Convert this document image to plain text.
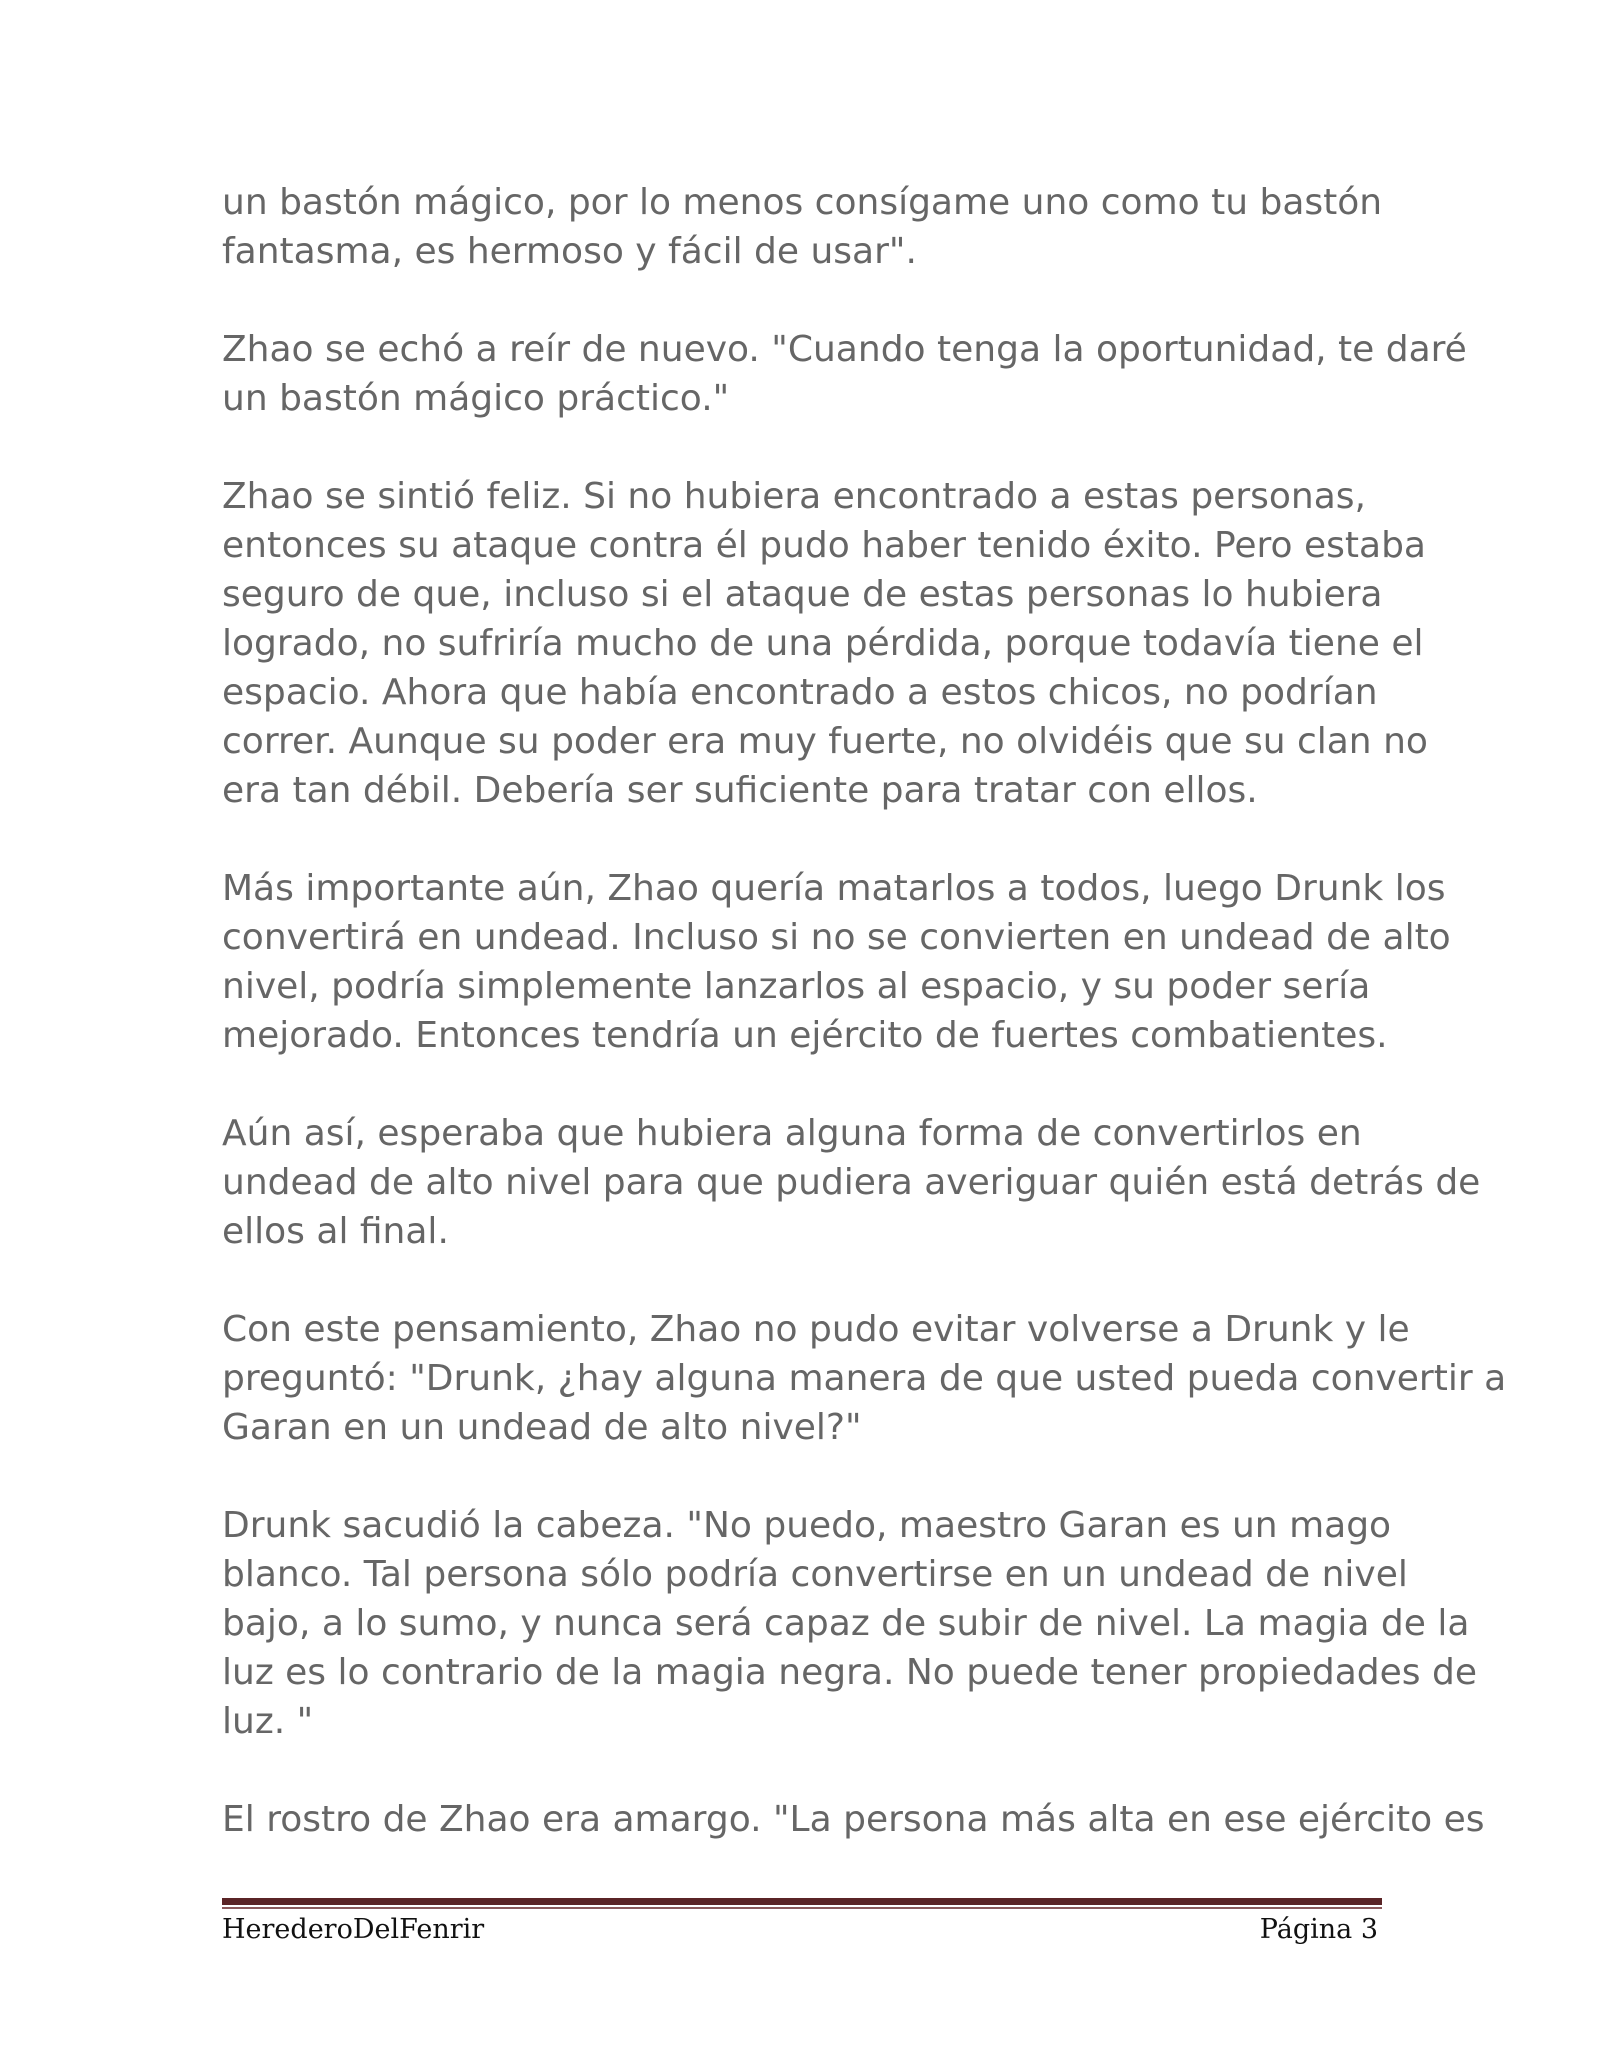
un bastón mágico, por lo menos consígame uno como tu bastón
fantasma, es hermoso y fácil de usar".

Zhao se echó a reír de nuevo. "Cuando tenga la oportunidad, te daré
un bastón mágico práctico."

Zhao se sintió feliz. Si no hubiera encontrado a estas personas,
entonces su ataque contra él pudo haber tenido éxito. Pero estaba
seguro de que, incluso si el ataque de estas personas lo hubiera
logrado, no sufriría mucho de una pérdida, porque todavía tiene el
espacio. Ahora que había encontrado a estos chicos, no podrían
correr. Aunque su poder era muy fuerte, no olvidéis que su clan no
era tan débil. Debería ser suficiente para tratar con ellos.

Más importante aún, Zhao quería matarlos a todos, luego Drunk los
convertirá en undead. Incluso si no se convierten en undead de alto
nivel, podría simplemente lanzarlos al espacio, y su poder sería
mejorado. Entonces tendría un ejército de fuertes combatientes.

Aún así, esperaba que hubiera alguna forma de convertirlos en
undead de alto nivel para que pudiera averiguar quién está detrás de
ellos al final.

Con este pensamiento, Zhao no pudo evitar volverse a Drunk y le
preguntó: "Drunk, ¿hay alguna manera de que usted pueda convertir a
Garan en un undead de alto nivel?"

Drunk sacudió la cabeza. "No puedo, maestro Garan es un mago
blanco. Tal persona sólo podría convertirse en un undead de nivel
bajo, a lo sumo, y nunca será capaz de subir de nivel. La magia de la
luz es lo contrario de la magia negra. No puede tener propiedades de
luz. "

El rostro de Zhao era amargo. "La persona más alta en ese ejército es

HerederoDelFenrir	Página 3
